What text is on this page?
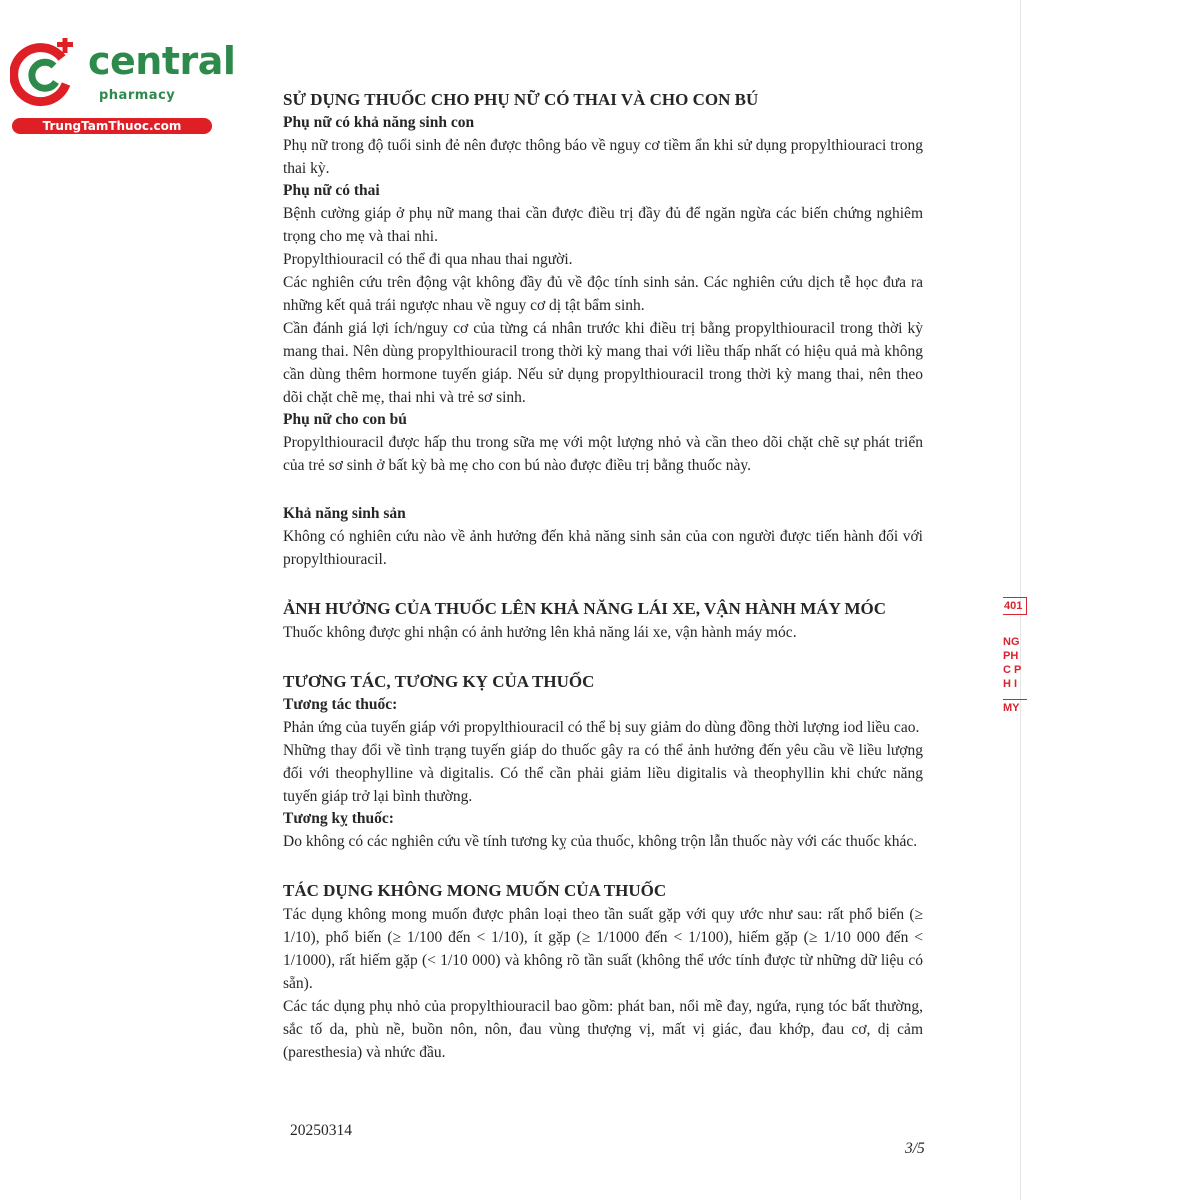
central
pharmacy
TrungTamThuoc.com
SỬ DỤNG THUỐC CHO PHỤ NỮ CÓ THAI VÀ CHO CON BÚ
Phụ nữ có khả năng sinh con

Phụ nữ trong độ tuổi sinh đẻ nên được thông báo về nguy cơ tiềm ẩn khi sử dụng propylthiouraci trong thai kỳ.

Phụ nữ có thai

Bệnh cường giáp ở phụ nữ mang thai cần được điều trị đầy đủ để ngăn ngừa các biến chứng nghiêm trọng cho mẹ và thai nhi.

Propylthiouracil có thể đi qua nhau thai người.

Các nghiên cứu trên động vật không đầy đủ về độc tính sinh sản. Các nghiên cứu dịch tễ học đưa ra những kết quả trái ngược nhau về nguy cơ dị tật bẩm sinh.

Cần đánh giá lợi ích/nguy cơ của từng cá nhân trước khi điều trị bằng propylthiouracil trong thời kỳ mang thai. Nên dùng propylthiouracil trong thời kỳ mang thai với liều thấp nhất có hiệu quả mà không cần dùng thêm hormone tuyến giáp. Nếu sử dụng propylthiouracil trong thời kỳ mang thai, nên theo dõi chặt chẽ mẹ, thai nhi và trẻ sơ sinh.

Phụ nữ cho con bú

Propylthiouracil được hấp thu trong sữa mẹ với một lượng nhỏ và cần theo dõi chặt chẽ sự phát triển của trẻ sơ sinh ở bất kỳ bà mẹ cho con bú nào được điều trị bằng thuốc này.

Khả năng sinh sản

Không có nghiên cứu nào về ảnh hưởng đến khả năng sinh sản của con người được tiến hành đối với propylthiouracil.

ẢNH HƯỞNG CỦA THUỐC LÊN KHẢ NĂNG LÁI XE, VẬN HÀNH MÁY MÓC

Thuốc không được ghi nhận có ảnh hưởng lên khả năng lái xe, vận hành máy móc.

TƯƠNG TÁC, TƯƠNG KỴ CỦA THUỐC
Tương tác thuốc:

Phản ứng của tuyến giáp với propylthiouracil có thể bị suy giảm do dùng đồng thời lượng iod liều cao.

Những thay đổi về tình trạng tuyến giáp do thuốc gây ra có thể ảnh hưởng đến yêu cầu về liều lượng đối với theophylline và digitalis. Có thể cần phải giảm liều digitalis và theophyllin khi chức năng tuyến giáp trở lại bình thường.

Tương kỵ thuốc:

Do không có các nghiên cứu về tính tương kỵ của thuốc, không trộn lẫn thuốc này với các thuốc khác.

TÁC DỤNG KHÔNG MONG MUỐN CỦA THUỐC

Tác dụng không mong muốn được phân loại theo tần suất gặp với quy ước như sau: rất phổ biến (≥ 1/10), phổ biến (≥ 1/100 đến < 1/10), ít gặp (≥ 1/1000 đến < 1/100), hiếm gặp (≥ 1/10 000 đến < 1/1000), rất hiếm gặp (< 1/10 000) và không rõ tần suất (không thể ước tính được từ những dữ liệu có sẵn).

Các tác dụng phụ nhỏ của propylthiouracil bao gồm: phát ban, nổi mề đay, ngứa, rụng tóc bất thường, sắc tố da, phù nề, buồn nôn, nôn, đau vùng thượng vị, mất vị giác, đau khớp, đau cơ, dị cảm (paresthesia) và nhức đầu.

20250314
3/5
401
NG
PH
C P
H I
MY
